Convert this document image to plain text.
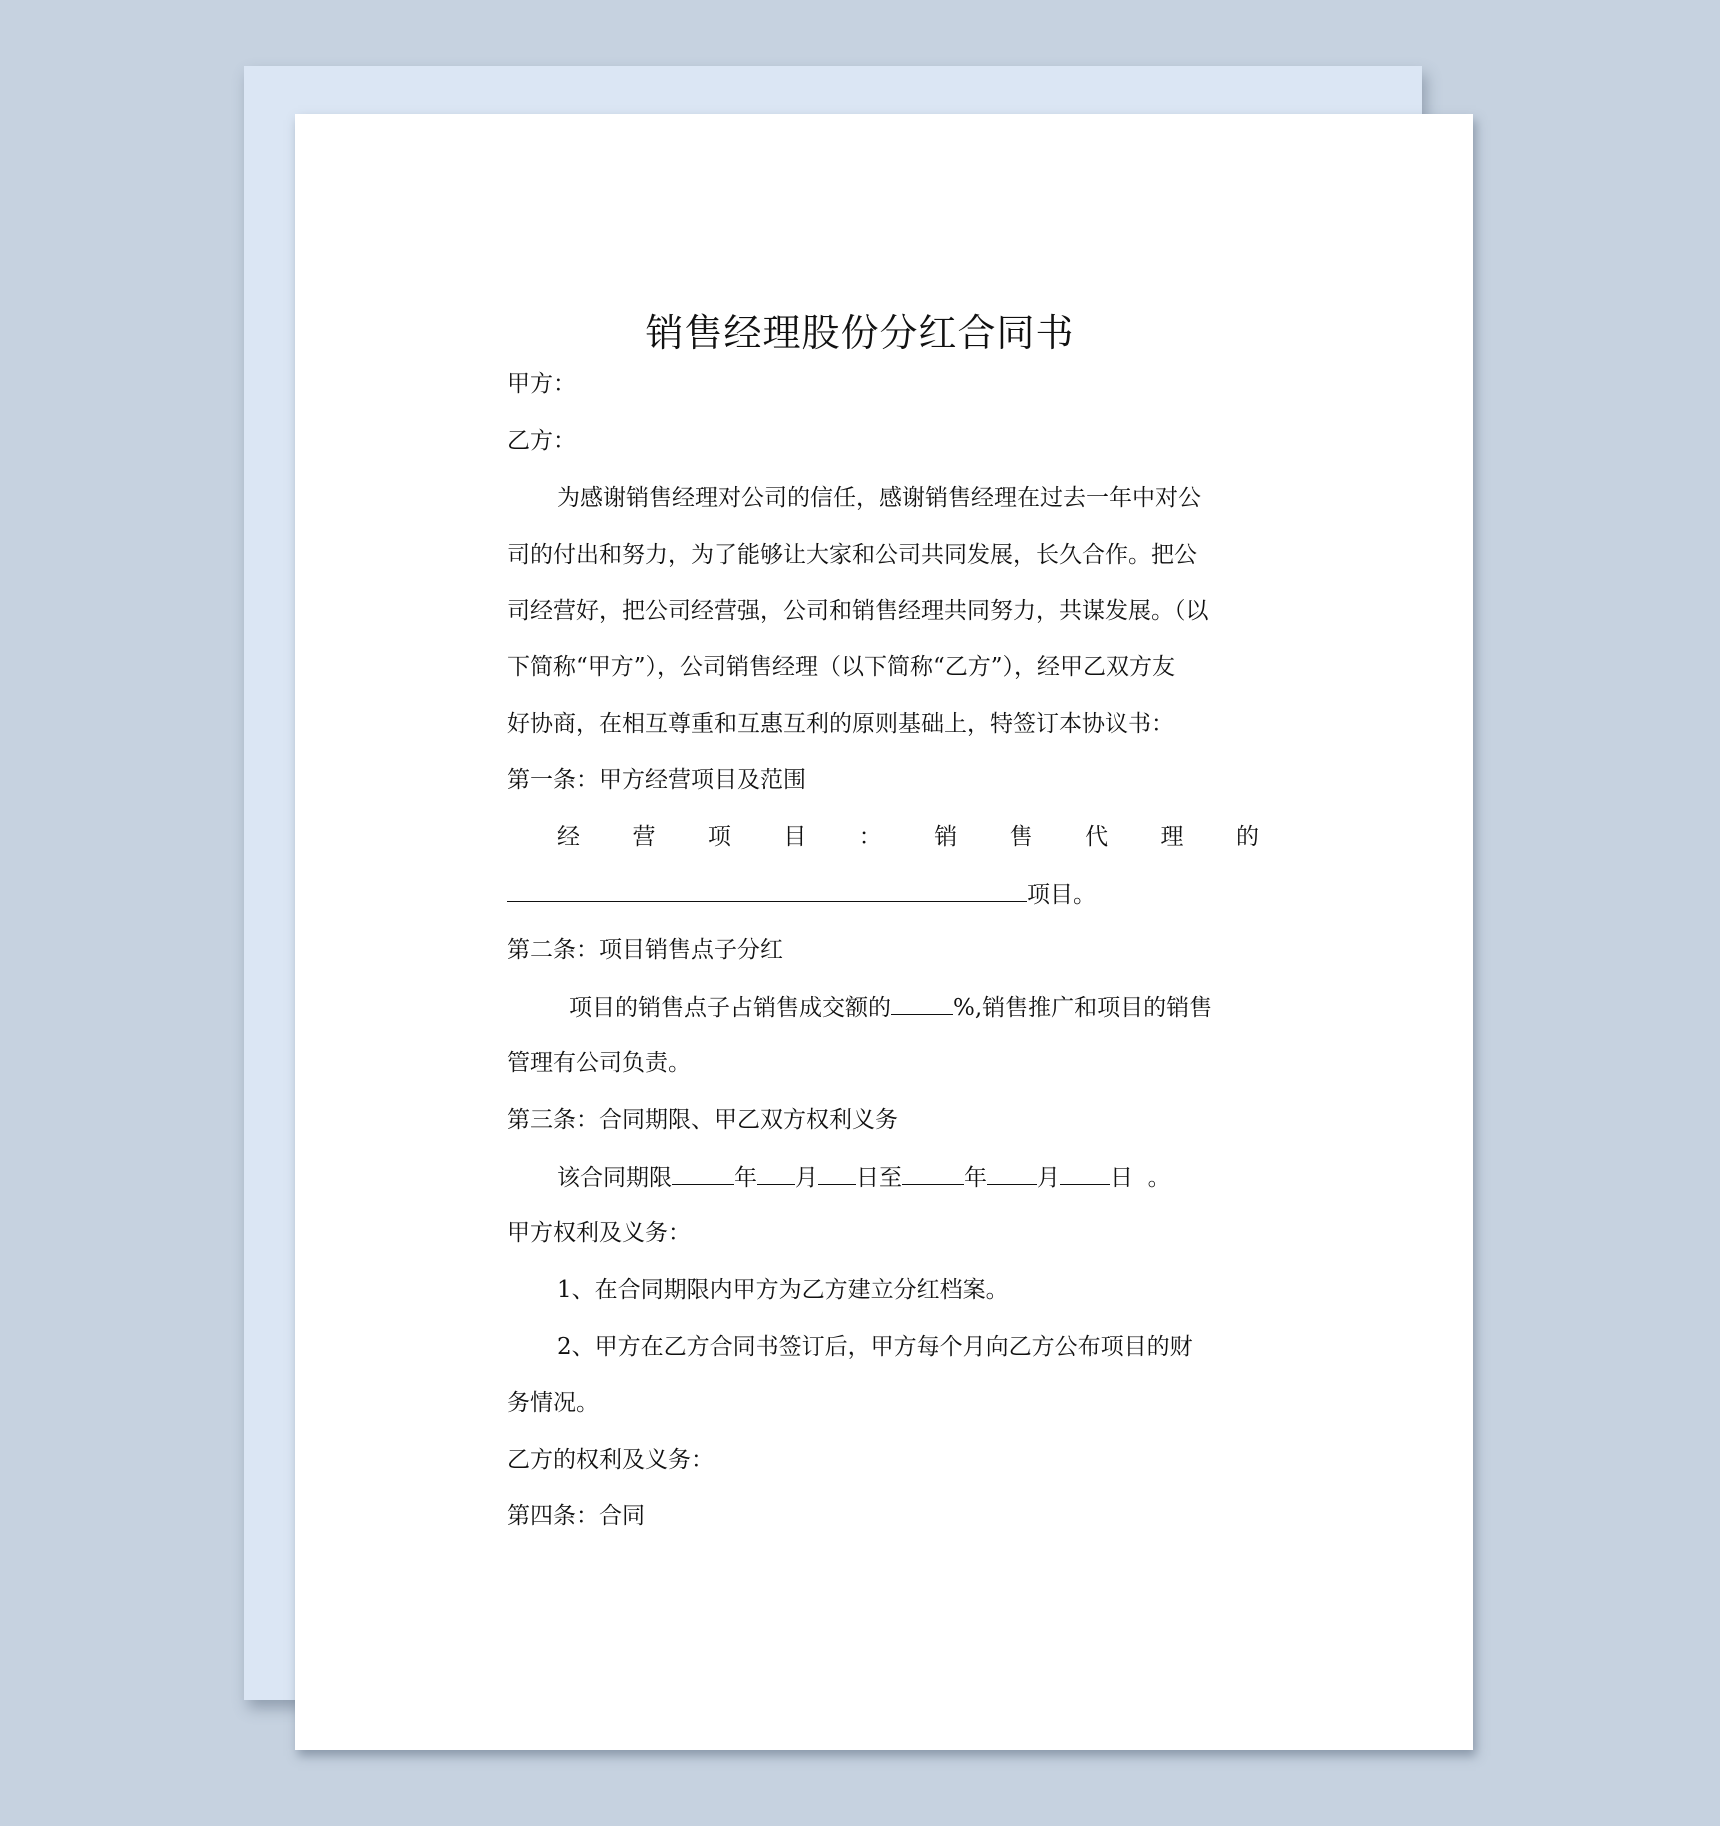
销售经理股份分红合同书
甲方：
乙方：
为感谢销售经理对公司的信任，感谢销售经理在过去一年中对公
司的付出和努力，为了能够让大家和公司共同发展，长久合作。把公
司经营好，把公司经营强，公司和销售经理共同努力，共谋发展。（以
下简称“甲方”），公司销售经理（以下简称“乙方”），经甲乙双方友
好协商，在相互尊重和互惠互利的原则基础上，特签订本协议书：
第一条：甲方经营项目及范围
经 营 项 目 ： 销 售 代 理 的
项目。
第二条：项目销售点子分红
项目的销售点子占销售成交额的	%,销售推广和项目的销售
管理有公司负责。
第三条：合同期限、甲乙双方权利义务
该合同期限	年 月 日至	年 月 日 。
甲方权利及义务：
1、在合同期限内甲方为乙方建立分红档案。
2、甲方在乙方合同书签订后，甲方每个月向乙方公布项目的财
务情况。
乙方的权利及义务：
第四条：合同
